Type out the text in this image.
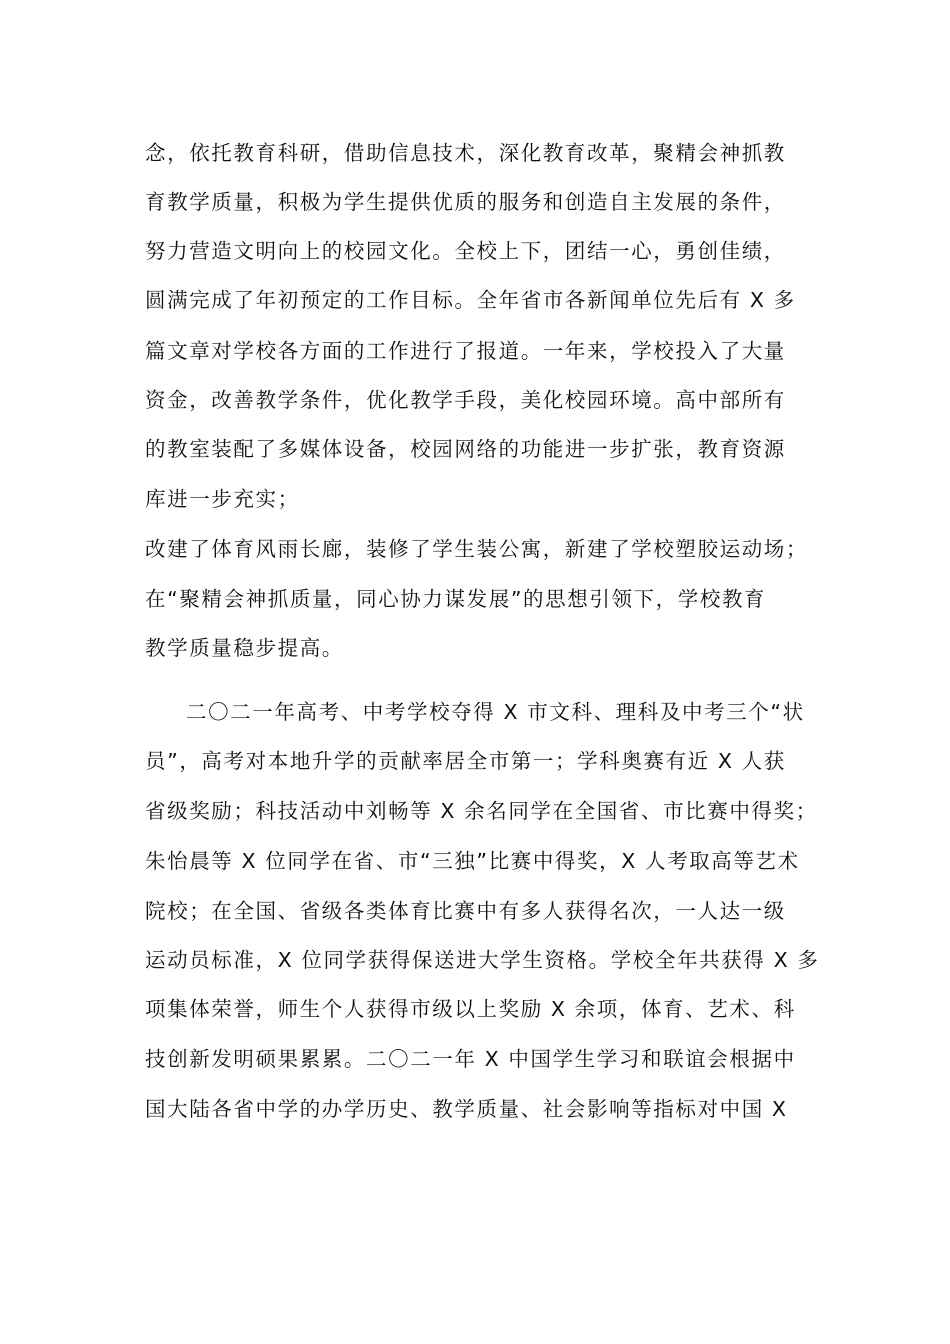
念，依托教育科研，借助信息技术，深化教育改革，聚精会神抓教
育教学质量，积极为学生提供优质的服务和创造自主发展的条件，
努力营造文明向上的校园文化。全校上下，团结一心，勇创佳绩，
圆满完成了年初预定的工作目标。全年省市各新闻单位先后有 X 多
篇文章对学校各方面的工作进行了报道。一年来，学校投入了大量
资金，改善教学条件，优化教学手段，美化校园环境。高中部所有
的教室装配了多媒体设备，校园网络的功能进一步扩张，教育资源
库进一步充实；
改建了体育风雨长廊，装修了学生装公寓，新建了学校塑胶运动场；
在“聚精会神抓质量，同心协力谋发展”的思想引领下，学校教育
教学质量稳步提高。
二〇二一年高考、中考学校夺得 X 市文科、理科及中考三个“状
员”，高考对本地升学的贡献率居全市第一；学科奥赛有近 X 人获
省级奖励；科技活动中刘畅等 X 余名同学在全国省、市比赛中得奖；
朱怡晨等 X 位同学在省、市“三独”比赛中得奖，X 人考取高等艺术
院校；在全国、省级各类体育比赛中有多人获得名次，一人达一级
运动员标准，X 位同学获得保送进大学生资格。学校全年共获得 X 多
项集体荣誉，师生个人获得市级以上奖励 X 余项，体育、艺术、科
技创新发明硕果累累。二〇二一年 X 中国学生学习和联谊会根据中
国大陆各省中学的办学历史、教学质量、社会影响等指标对中国 X
